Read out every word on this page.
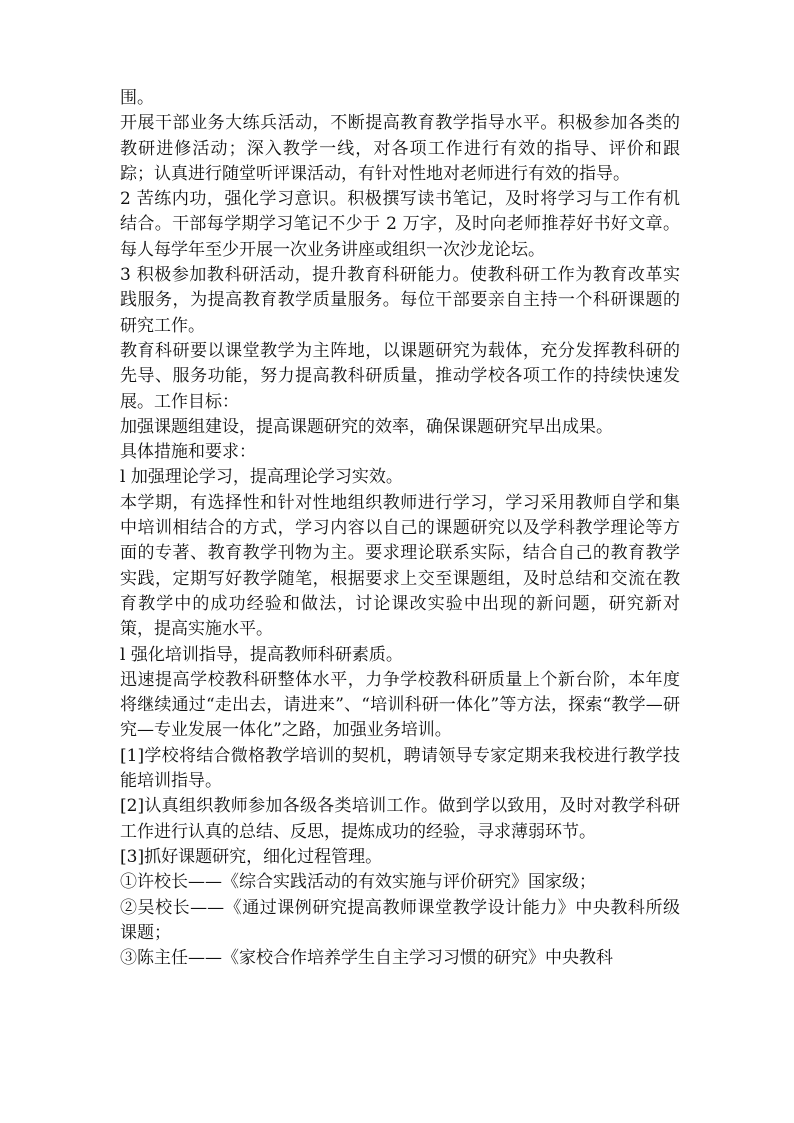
围。

开展干部业务大练兵活动，不断提高教育教学指导水平。积极参加各类的教研进修活动；深入教学一线，对各项工作进行有效的指导、评价和跟踪；认真进行随堂听评课活动，有针对性地对老师进行有效的指导。

2 苦练内功，强化学习意识。积极撰写读书笔记，及时将学习与工作有机结合。干部每学期学习笔记不少于 2 万字，及时向老师推荐好书好文章。每人每学年至少开展一次业务讲座或组织一次沙龙论坛。

3 积极参加教科研活动，提升教育科研能力。使教科研工作为教育改革实践服务，为提高教育教学质量服务。每位干部要亲自主持一个科研课题的研究工作。

教育科研要以课堂教学为主阵地，以课题研究为载体，充分发挥教科研的先导、服务功能，努力提高教科研质量，推动学校各项工作的持续快速发展。工作目标：

加强课题组建设，提高课题研究的效率，确保课题研究早出成果。

具体措施和要求：

l 加强理论学习，提高理论学习实效。

本学期，有选择性和针对性地组织教师进行学习，学习采用教师自学和集中培训相结合的方式，学习内容以自己的课题研究以及学科教学理论等方面的专著、教育教学刊物为主。要求理论联系实际，结合自己的教育教学实践，定期写好教学随笔，根据要求上交至课题组，及时总结和交流在教育教学中的成功经验和做法，讨论课改实验中出现的新问题，研究新对策，提高实施水平。

l 强化培训指导，提高教师科研素质。

迅速提高学校教科研整体水平，力争学校教科研质量上个新台阶，本年度将继续通过“走出去，请进来”、“培训科研一体化”等方法，探索“教学—研究—专业发展一体化”之路，加强业务培训。

[1]学校将结合微格教学培训的契机，聘请领导专家定期来我校进行教学技能培训指导。

[2]认真组织教师参加各级各类培训工作。做到学以致用，及时对教学科研工作进行认真的总结、反思，提炼成功的经验，寻求薄弱环节。

[3]抓好课题研究，细化过程管理。

①许校长——《综合实践活动的有效实施与评价研究》国家级；

②吴校长——《通过课例研究提高教师课堂教学设计能力》中央教科所级课题；

③陈主任——《家校合作培养学生自主学习习惯的研究》中央教科
